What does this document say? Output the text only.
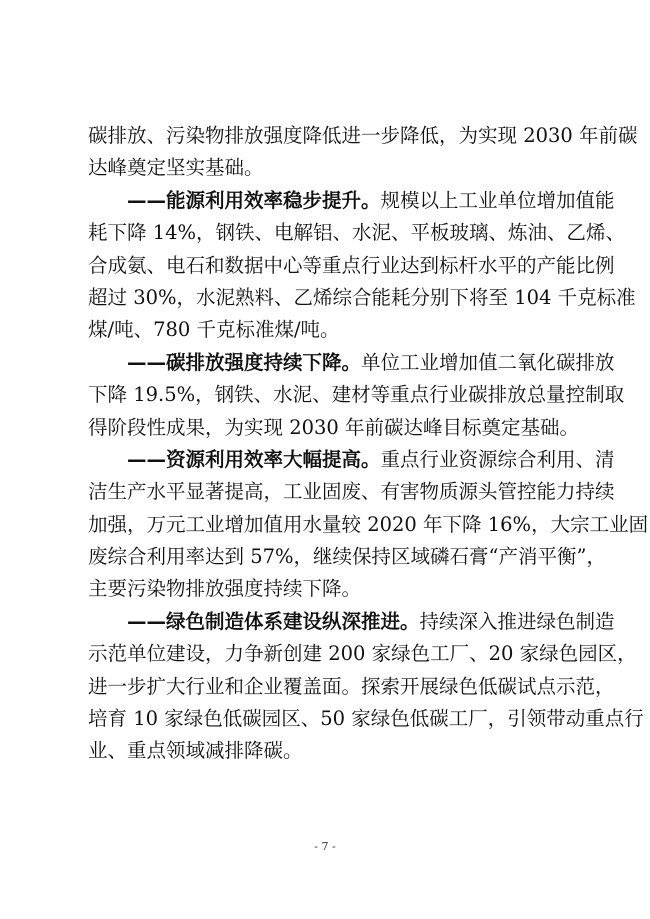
碳排放、污染物排放强度降低进一步降低，为实现 2030 年前碳
达峰奠定坚实基础。
——能源利用效率稳步提升。规模以上工业单位增加值能
耗下降 14%，钢铁、电解铝、水泥、平板玻璃、炼油、乙烯、
合成氨、电石和数据中心等重点行业达到标杆水平的产能比例
超过 30%，水泥熟料、乙烯综合能耗分别下将至 104 千克标准
煤/吨、780 千克标准煤/吨。
——碳排放强度持续下降。单位工业增加值二氧化碳排放
下降 19.5%，钢铁、水泥、建材等重点行业碳排放总量控制取
得阶段性成果，为实现 2030 年前碳达峰目标奠定基础。
——资源利用效率大幅提高。重点行业资源综合利用、清
洁生产水平显著提高，工业固废、有害物质源头管控能力持续
加强，万元工业增加值用水量较 2020 年下降 16%，大宗工业固
废综合利用率达到 57%，继续保持区域磷石膏“产消平衡”，
主要污染物排放强度持续下降。
——绿色制造体系建设纵深推进。持续深入推进绿色制造
示范单位建设，力争新创建 200 家绿色工厂、20 家绿色园区，
进一步扩大行业和企业覆盖面。探索开展绿色低碳试点示范，
培育 10 家绿色低碳园区、50 家绿色低碳工厂，引领带动重点行
业、重点领域减排降碳。
- 7 -
